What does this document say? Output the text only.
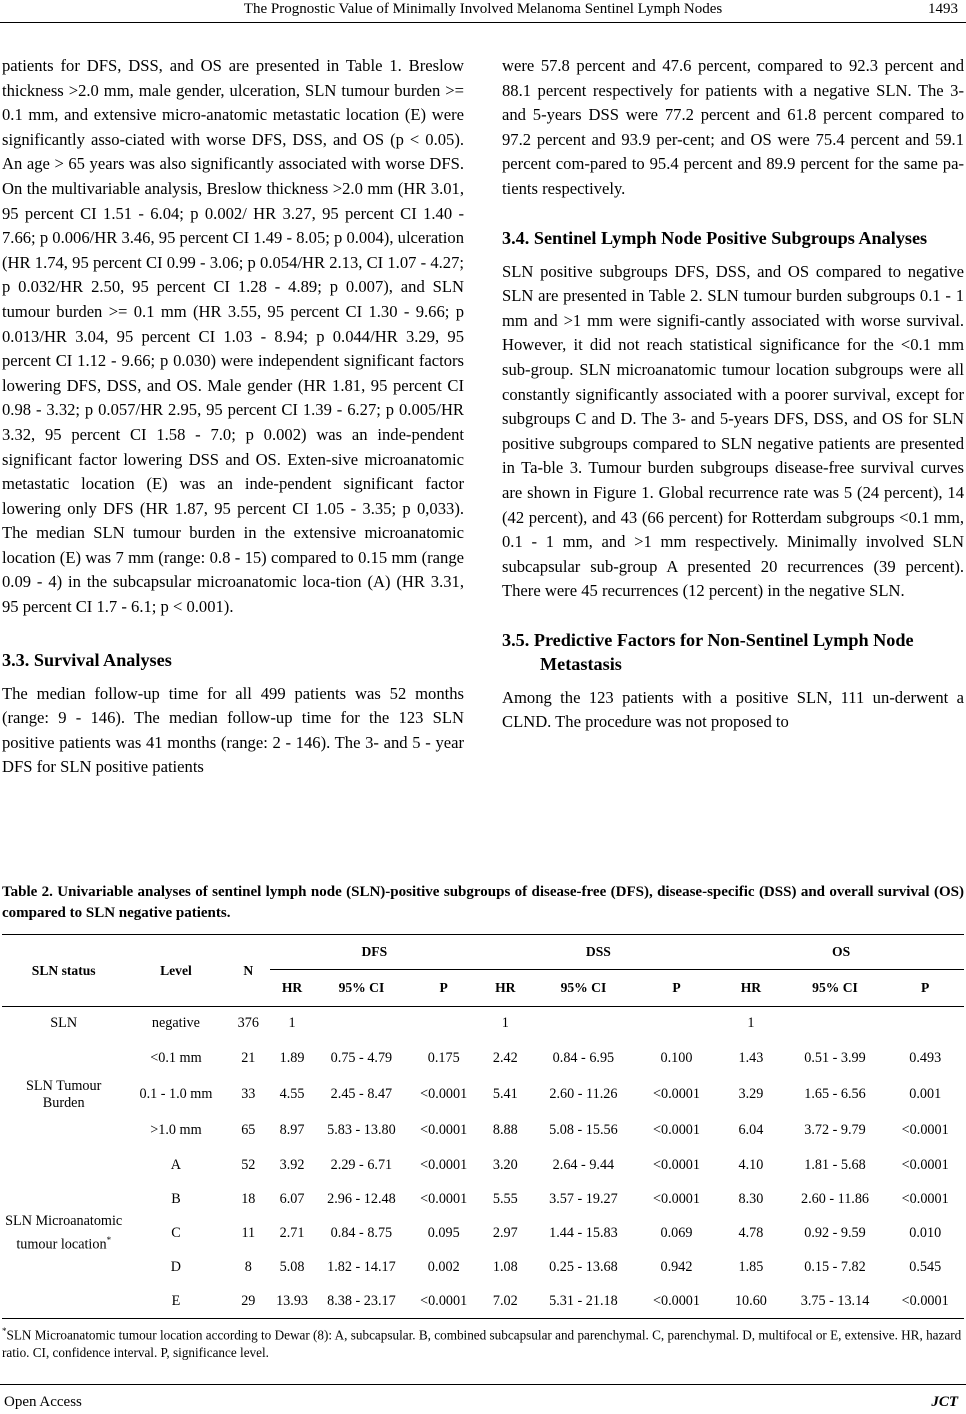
The Prognostic Value of Minimally Involved Melanoma Sentinel Lymph Nodes	1493

patients for DFS, DSS, and OS are presented in Table 1. Breslow thickness >2.0 mm, male gender, ulceration, SLN tumour burden >= 0.1 mm, and extensive micro-anatomic metastatic location (E) were significantly asso-ciated with worse DFS, DSS, and OS (p < 0.05). An age > 65 years was also significantly associated with worse DFS. On the multivariable analysis, Breslow thickness >2.0 mm (HR 3.01, 95 percent CI 1.51 - 6.04; p 0.002/ HR 3.27, 95 percent CI 1.40 - 7.66; p 0.006/HR 3.46, 95 percent CI 1.49 - 8.05; p 0.004), ulceration (HR 1.74, 95 percent CI 0.99 - 3.06; p 0.054/HR 2.13, CI 1.07 - 4.27; p 0.032/HR 2.50, 95 percent CI 1.28 - 4.89; p 0.007), and SLN tumour burden >= 0.1 mm (HR 3.55, 95 percent CI 1.30 - 9.66; p 0.013/HR 3.04, 95 percent CI 1.03 - 8.94; p 0.044/HR 3.29, 95 percent CI 1.12 - 9.66; p 0.030) were independent significant factors lowering DFS, DSS, and OS. Male gender (HR 1.81, 95 percent CI 0.98 - 3.32; p 0.057/HR 2.95, 95 percent CI 1.39 - 6.27; p 0.005/HR 3.32, 95 percent CI 1.58 - 7.0; p 0.002) was an inde-pendent significant factor lowering DSS and OS. Exten-sive microanatomic metastatic location (E) was an inde-pendent significant factor lowering only DFS (HR 1.87, 95 percent CI 1.05 - 3.35; p 0,033). The median SLN tumour burden in the extensive microanatomic location (E) was 7 mm (range: 0.8 - 15) compared to 0.15 mm (range 0.09 - 4) in the subcapsular microanatomic loca-tion (A) (HR 3.31, 95 percent CI 1.7 - 6.1; p < 0.001).

3.3. Survival Analyses

The median follow-up time for all 499 patients was 52 months (range: 9 - 146). The median follow-up time for the 123 SLN positive patients was 41 months (range: 2 - 146). The 3- and 5 - year DFS for SLN positive patients

were 57.8 percent and 47.6 percent, compared to 92.3 percent and 88.1 percent respectively for patients with a negative SLN. The 3- and 5-years DSS were 77.2 percent and 61.8 percent compared to 97.2 percent and 93.9 per-cent; and OS were 75.4 percent and 59.1 percent com-pared to 95.4 percent and 89.9 percent for the same pa-tients respectively.

3.4. Sentinel Lymph Node Positive Subgroups Analyses

SLN positive subgroups DFS, DSS, and OS compared to negative SLN are presented in Table 2. SLN tumour burden subgroups 0.1 - 1 mm and >1 mm were signifi-cantly associated with worse survival. However, it did not reach statistical significance for the <0.1 mm sub-group. SLN microanatomic tumour location subgroups were all constantly significantly associated with a poorer survival, except for subgroups C and D. The 3- and 5-years DFS, DSS, and OS for SLN positive subgroups compared to SLN negative patients are presented in Ta-ble 3. Tumour burden subgroups disease-free survival curves are shown in Figure 1. Global recurrence rate was 5 (24 percent), 14 (42 percent), and 43 (66 percent) for Rotterdam subgroups <0.1 mm, 0.1 - 1 mm, and >1 mm respectively. Minimally involved SLN subcapsular sub-group A presented 20 recurrences (39 percent). There were 45 recurrences (12 percent) in the negative SLN.

3.5. Predictive Factors for Non-Sentinel Lymph Node Metastasis

Among the 123 patients with a positive SLN, 111 un-derwent a CLND. The procedure was not proposed to

Table 2. Univariable analyses of sentinel lymph node (SLN)-positive subgroups of disease-free (DFS), disease-specific (DSS) and overall survival (OS) compared to SLN negative patients.
SLN status	Level	N	DFS			DSS			OS		
			HR	95% CI	P	HR	95% CI	P	HR	95% CI	P
SLN	negative	376	1			1			1		
SLN Tumour Burden	<0.1 mm	21	1.89	0.75 - 4.79	0.175	2.42	0.84 - 6.95	0.100	1.43	0.51 - 3.99	0.493
	0.1 - 1.0 mm	33	4.55	2.45 - 8.47	<0.0001	5.41	2.60 - 11.26	<0.0001	3.29	1.65 - 6.56	0.001
	>1.0 mm	65	8.97	5.83 - 13.80	<0.0001	8.88	5.08 - 15.56	<0.0001	6.04	3.72 - 9.79	<0.0001
SLN Microanatomic tumour location*	A	52	3.92	2.29 - 6.71	<0.0001	3.20	2.64 - 9.44	<0.0001	4.10	1.81 - 5.68	<0.0001
	B	18	6.07	2.96 - 12.48	<0.0001	5.55	3.57 - 19.27	<0.0001	8.30	2.60 - 11.86	<0.0001
	C	11	2.71	0.84 - 8.75	0.095	2.97	1.44 - 15.83	0.069	4.78	0.92 - 9.59	0.010
	D	8	5.08	1.82 - 14.17	0.002	1.08	0.25 - 13.68	0.942	1.85	0.15 - 7.82	0.545
	E	29	13.93	8.38 - 23.17	<0.0001	7.02	5.31 - 21.18	<0.0001	10.60	3.75 - 13.14	<0.0001
*SLN Microanatomic tumour location according to Dewar (8): A, subcapsular. B, combined subcapsular and parenchymal. C, parenchymal. D, multifocal or E, extensive. HR, hazard ratio. CI, confidence interval. P, significance level.
Open Access	JCT
